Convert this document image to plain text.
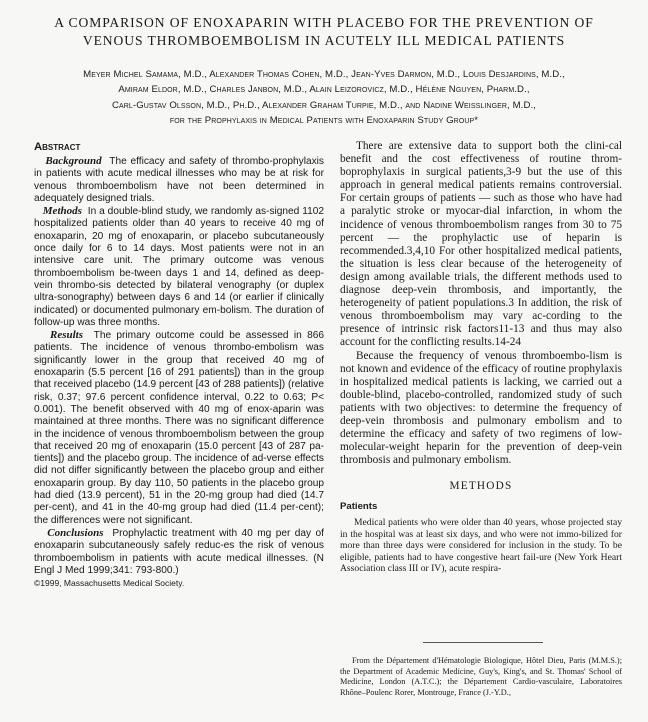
A COMPARISON OF ENOXAPARIN WITH PLACEBO FOR THE PREVENTION OF
VENOUS THROMBOEMBOLISM IN ACUTELY ILL MEDICAL PATIENTS
Meyer Michel Samama, M.D., Alexander Thomas Cohen, M.D., Jean-Yves Darmon, M.D., Louis Desjardins, M.D.,
Amiram Eldor, M.D., Charles Janbon, M.D., Alain Leizorovicz, M.D., Hélène Nguyen, Pharm.D.,
Carl-Gustav Olsson, M.D., Ph.D., Alexander Graham Turpie, M.D., and Nadine Weisslinger, M.D.,
for the Prophylaxis in Medical Patients with Enoxaparin Study Group*
Abstract

Background The efficacy and safety of thrombo-prophylaxis in patients with acute medical illnesses who may be at risk for venous thromboembolism have not been determined in adequately designed trials.

Methods In a double-blind study, we randomly as-signed 1102 hospitalized patients older than 40 years to receive 40 mg of enoxaparin, 20 mg of enoxaparin, or placebo subcutaneously once daily for 6 to 14 days. Most patients were not in an intensive care unit. The primary outcome was venous thromboembolism be-tween days 1 and 14, defined as deep-vein thrombo-sis detected by bilateral venography (or duplex ultra-sonography) between days 6 and 14 (or earlier if clinically indicated) or documented pulmonary em-bolism. The duration of follow-up was three months.

Results The primary outcome could be assessed in 866 patients. The incidence of venous thrombo-embolism was significantly lower in the group that received 40 mg of enoxaparin (5.5 percent [16 of 291 patients]) than in the group that received placebo (14.9 percent [43 of 288 patients]) (relative risk, 0.37; 97.6 percent confidence interval, 0.22 to 0.63; P< 0.001). The benefit observed with 40 mg of enox-aparin was maintained at three months. There was no significant difference in the incidence of venous thromboembolism between the group that received 20 mg of enoxaparin (15.0 percent [43 of 287 pa-tients]) and the placebo group. The incidence of ad-verse effects did not differ significantly between the placebo group and either enoxaparin group. By day 110, 50 patients in the placebo group had died (13.9 percent), 51 in the 20-mg group had died (14.7 per-cent), and 41 in the 40-mg group had died (11.4 per-cent); the differences were not significant.

Conclusions Prophylactic treatment with 40 mg per day of enoxaparin subcutaneously safely reduc-es the risk of venous thromboembolism in patients with acute medical illnesses. (N Engl J Med 1999;341: 793-800.)

©1999, Massachusetts Medical Society.

There are extensive data to support both the clini-cal benefit and the cost effectiveness of routine throm-boprophylaxis in surgical patients,3-9 but the use of this approach in general medical patients remains controversial. For certain groups of patients — such as those who have had a paralytic stroke or myocar-dial infarction, in whom the incidence of venous thromboembolism ranges from 30 to 75 percent — the prophylactic use of heparin is recommended.3,4,10 For other hospitalized medical patients, the situation is less clear because of the heterogeneity of design among available trials, the different methods used to diagnose deep-vein thrombosis, and importantly, the heterogeneity of patient populations.3 In addition, the risk of venous thromboembolism may vary ac-cording to the presence of intrinsic risk factors11-13 and thus may also account for the conflicting results.14-24

Because the frequency of venous thromboembo-lism is not known and evidence of the efficacy of routine prophylaxis in hospitalized medical patients is lacking, we carried out a double-blind, placebo-controlled, randomized study of such patients with two objectives: to determine the frequency of deep-vein thrombosis and pulmonary embolism and to determine the efficacy and safety of two regimens of low-molecular-weight heparin for the prevention of deep-vein thrombosis and pulmonary embolism.

METHODS
Patients

Medical patients who were older than 40 years, whose projected stay in the hospital was at least six days, and who were not immo-bilized for more than three days were considered for inclusion in the study. To be eligible, patients had to have congestive heart fail-ure (New York Heart Association class III or IV), acute respira-

From the Département d'Hématologie Biologique, Hôtel Dieu, Paris (M.M.S.); the Department of Academic Medicine, Guy's, King's, and St. Thomas' School of Medicine, London (A.T.C.); the Département Cardio-vasculaire, Laboratoires Rhône–Poulenc Rorer, Montrouge, France (J.-Y.D.,
